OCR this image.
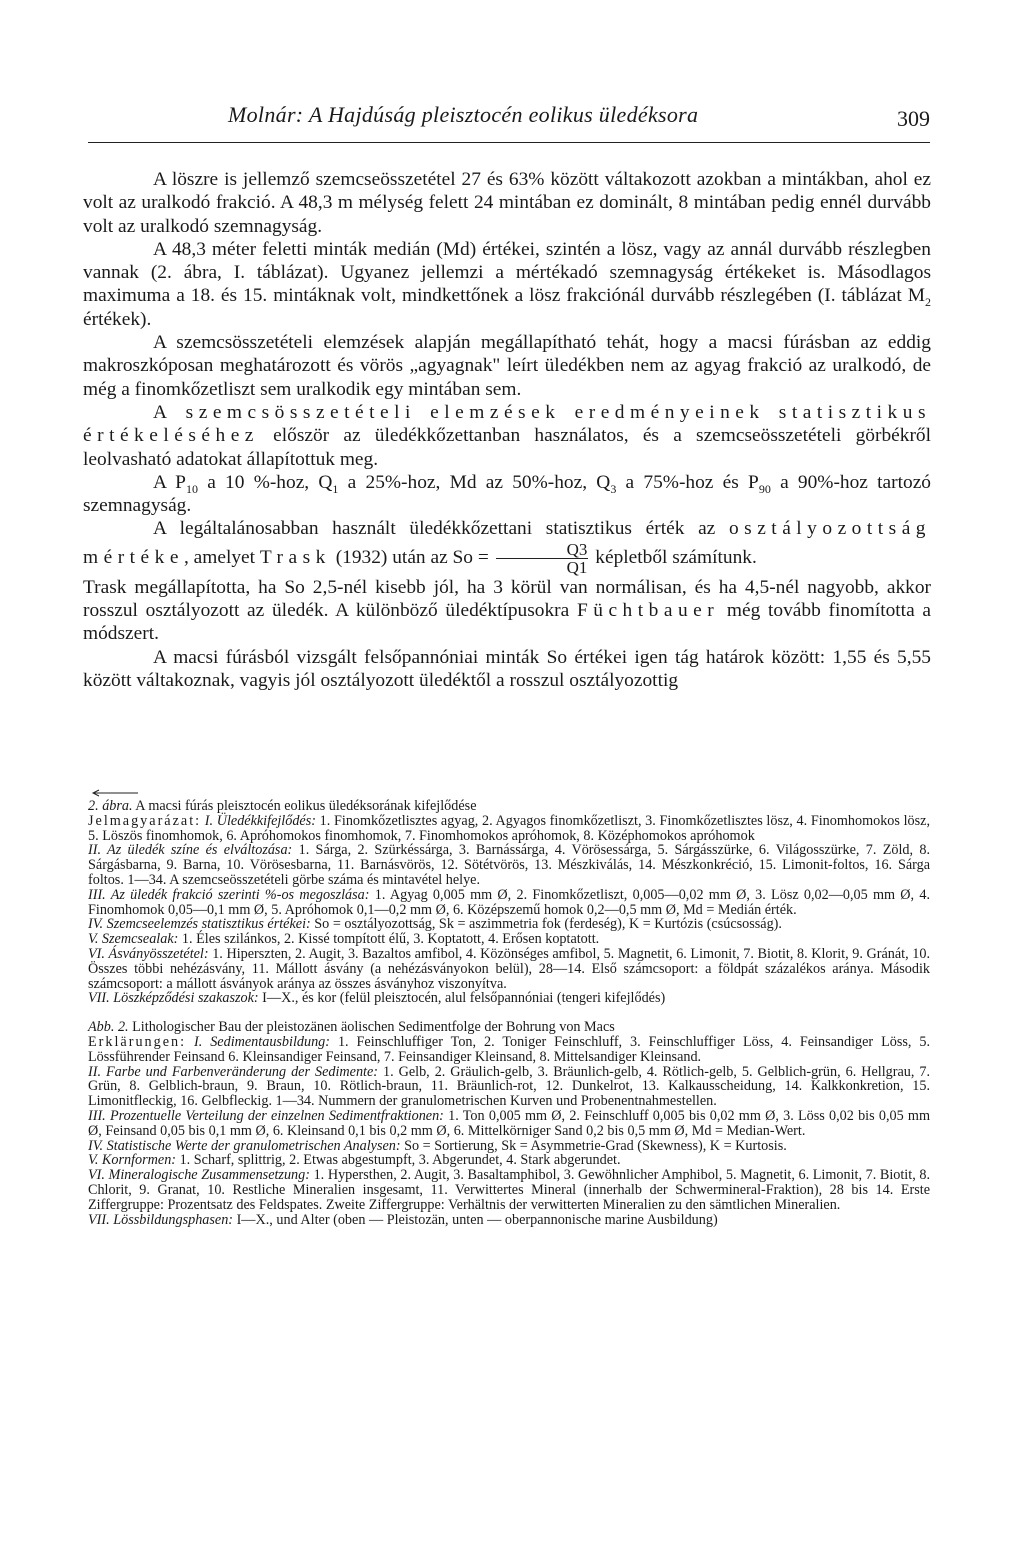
Molnár: A Hajdúság pleisztocén eolikus üledéksora	309

A löszre is jellemző szemcseösszetétel 27 és 63% között váltakozott azokban a mintákban, ahol ez volt az uralkodó frakció. A 48,3 m mélység felett 24 mintában ez dominált, 8 mintában pedig ennél durvább volt az uralkodó szemnagyság.

A 48,3 méter feletti minták medián (Md) értékei, szintén a lösz, vagy az annál durvább részlegben vannak (2. ábra, I. táblázat). Ugyanez jellemzi a mértékadó szemnagyság értékeket is. Másodlagos maximuma a 18. és 15. mintáknak volt, mindkettőnek a lösz frakciónál durvább részlegében (I. táblázat $M_2$ értékek).

A szemcsösszetételi elemzések alapján megállapítható tehát, hogy a macsi fúrásban az eddig makroszkóposan meghatározott és vörös „agyagnak" leírt üledékben nem az agyag frakció az uralkodó, de még a finomkőzetliszt sem uralkodik egy mintában sem.

A szemcsösszetételi elemzések eredményeinek statisztikus értékeléséhez először az üledékkőzettanban használatos, és a szemcseösszetételi görbékről leolvasható adatokat állapítottuk meg.

A $P_{10}$ a 10 %-hoz, $Q_1$ a 25%-hoz, Md az 50%-hoz, $Q_3$ a 75%-hoz és $P_{90}$ a 90%-hoz tartozó szemnagyság.

A legáltalánosabban használt üledékkőzettani statisztikus érték az osztályozottság mértéke, amelyet Trask (1932) után az $So = \frac{Q3}{Q1}$ képletből számítunk.

Trask megállapította, ha So 2,5-nél kisebb jól, ha 3 körül van normálisan, és ha 4,5-nél nagyobb, akkor rosszul osztályozott az üledék. A különböző üledéktípusokra Füchtbauer még tovább finomította a módszert.

A macsi fúrásból vizsgált felsőpannóniai minták So értékei igen tág határok között: 1,55 és 5,55 között váltakoznak, vagyis jól osztályozott üledéktől a rosszul osztályozottig

2. ábra. A macsi fúrás pleisztocén eolikus üledéksorának kifejlődése

Jelmagyarázat: I. Üledékkifejlődés: 1. Finomkőzetlisztes agyag, 2. Agyagos finomkőzetliszt, 3. Finomkőzetlisztes lösz, 4. Finomhomokos lösz, 5. Löszös finomhomok, 6. Apróhomokos finomhomok, 7. Finomhomokos apróhomok, 8. Középhomokos apróhomok

II. Az üledék színe és elváltozása: 1. Sárga, 2. Szürkéssárga, 3. Barnássárga, 4. Vörösessárga, 5. Sárgásszürke, 6. Világosszürke, 7. Zöld, 8. Sárgásbarna, 9. Barna, 10. Vörösesbarna, 11. Barnásvörös, 12. Sötétvörös, 13. Mészkiválás, 14. Mészkonkréció, 15. Limonit-foltos, 16. Sárga foltos. 1—34. A szemcseösszetételi görbe száma és mintavétel helye.

III. Az üledék frakció szerinti %-os megoszlása: 1. Agyag 0,005 mm Ø, 2. Finomkőzetliszt, 0,005—0,02 mm Ø, 3. Lösz 0,02—0,05 mm Ø, 4. Finomhomok 0,05—0,1 mm Ø, 5. Apróhomok 0,1—0,2 mm Ø, 6. Középszemű homok 0,2—0,5 mm Ø, Md = Medián érték.

IV. Szemcseelemzés statisztikus értékei: So = osztályozottság, Sk = aszimmetria fok (ferdeség), K = Kurtózis (csúcsosság).

V. Szemcsealak: 1. Éles szilánkos, 2. Kissé tompított élű, 3. Koptatott, 4. Erősen koptatott.

VI. Ásványösszetétel: 1. Hiperszten, 2. Augit, 3. Bazaltos amfibol, 4. Közönséges amfibol, 5. Magnetit, 6. Limonit, 7. Biotit, 8. Klorit, 9. Gránát, 10. Összes többi nehézásvány, 11. Mállott ásvány (a nehézásványokon belül), 28—14. Első számcsoport: a földpát százalékos aránya. Második számcsoport: a mállott ásványok aránya az összes ásványhoz viszonyítva.

VII. Löszképződési szakaszok: I—X., és kor (felül pleisztocén, alul felsőpannóniai (tengeri kifejlődés)

Abb. 2. Lithologischer Bau der pleistozänen äolischen Sedimentfolge der Bohrung von Macs

Erklärungen: I. Sedimentausbildung: 1. Feinschluffiger Ton, 2. Toniger Feinschluff, 3. Feinschluffiger Löss, 4. Feinsandiger Löss, 5. Lössführender Feinsand 6. Kleinsandiger Feinsand, 7. Feinsandiger Kleinsand, 8. Mittelsandiger Kleinsand.

II. Farbe und Farbenveränderung der Sedimente: 1. Gelb, 2. Gräulich-gelb, 3. Bräunlich-gelb, 4. Rötlich-gelb, 5. Gelblich-grün, 6. Hellgrau, 7. Grün, 8. Gelblich-braun, 9. Braun, 10. Rötlich-braun, 11. Bräunlich-rot, 12. Dunkelrot, 13. Kalkausscheidung, 14. Kalkkonkretion, 15. Limonitfleckig, 16. Gelbfleckig. 1—34. Nummern der granulometrischen Kurven und Probenentnahmestellen.

III. Prozentuelle Verteilung der einzelnen Sedimentfraktionen: 1. Ton 0,005 mm Ø, 2. Feinschluff 0,005 bis 0,02 mm Ø, 3. Löss 0,02 bis 0,05 mm Ø, Feinsand 0,05 bis 0,1 mm Ø, 6. Kleinsand 0,1 bis 0,2 mm Ø, 6. Mittelkörniger Sand 0,2 bis 0,5 mm Ø, Md = Median-Wert.

IV. Statistische Werte der granulometrischen Analysen: So = Sortierung, Sk = Asymmetrie-Grad (Skewness), K = Kurtosis.

V. Kornformen: 1. Scharf, splittrig, 2. Etwas abgestumpft, 3. Abgerundet, 4. Stark abgerundet.

VI. Mineralogische Zusammensetzung: 1. Hypersthen, 2. Augit, 3. Basaltamphibol, 3. Gewöhnlicher Amphibol, 5. Magnetit, 6. Limonit, 7. Biotit, 8. Chlorit, 9. Granat, 10. Restliche Mineralien insgesamt, 11. Verwittertes Mineral (innerhalb der Schwermineral-Fraktion), 28 bis 14. Erste Ziffergruppe: Prozentsatz des Feldspates. Zweite Ziffergruppe: Verhältnis der verwitterten Mineralien zu den sämtlichen Mineralien.

VII. Lössbildungsphasen: I—X., und Alter (oben — Pleistozän, unten — oberpannonische marine Ausbildung)
